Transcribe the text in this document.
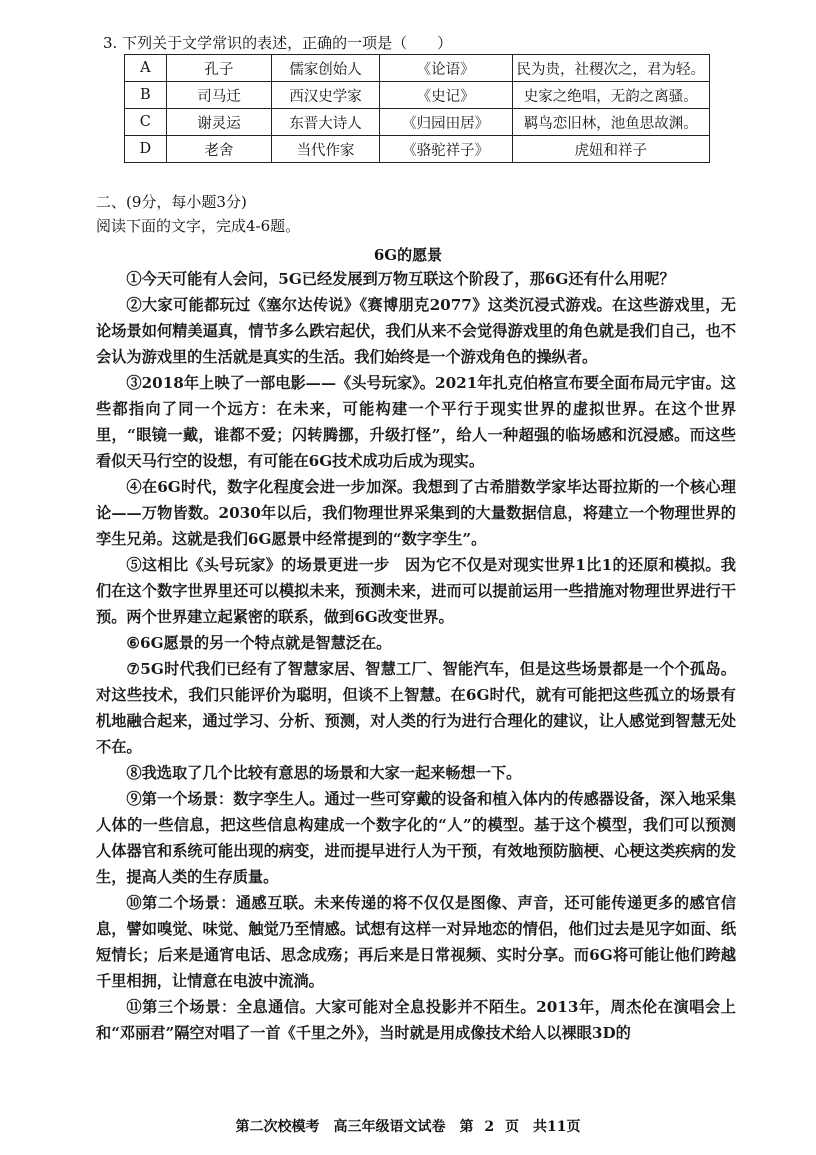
3. 下列关于文学常识的表述，正确的一项是（　　）
A	孔子	儒家创始人	《论语》	民为贵，社稷次之，君为轻。
B	司马迁	西汉史学家	《史记》	史家之绝唱，无韵之离骚。
C	谢灵运	东晋大诗人	《归园田居》	羁鸟恋旧林，池鱼思故渊。
D	老舍	当代作家	《骆驼祥子》	虎妞和祥子
二、(9分，每小题3分)
阅读下面的文字，完成4-6题。
6G的愿景

①今天可能有人会问，5G已经发展到万物互联这个阶段了，那6G还有什么用呢？

②大家可能都玩过《塞尔达传说》《赛博朋克2077》这类沉浸式游戏。在这些游戏里，无论场景如何精美逼真，情节多么跌宕起伏，我们从来不会觉得游戏里的角色就是我们自己，也不会认为游戏里的生活就是真实的生活。我们始终是一个游戏角色的操纵者。

③2018年上映了一部电影——《头号玩家》。2021年扎克伯格宣布要全面布局元宇宙。这些都指向了同一个远方：在未来，可能构建一个平行于现实世界的虚拟世界。在这个世界里，“眼镜一戴，谁都不爱；闪转腾挪，升级打怪”，给人一种超强的临场感和沉浸感。而这些看似天马行空的设想，有可能在6G技术成功后成为现实。

④在6G时代，数字化程度会进一步加深。我想到了古希腊数学家毕达哥拉斯的一个核心理论——万物皆数。2030年以后，我们物理世界采集到的大量数据信息，将建立一个物理世界的孪生兄弟。这就是我们6G愿景中经常提到的“数字孪生”。

⑤这相比《头号玩家》的场景更进一步　因为它不仅是对现实世界1比1的还原和模拟。我们在这个数字世界里还可以模拟未来，预测未来，进而可以提前运用一些措施对物理世界进行干预。两个世界建立起紧密的联系，做到6G改变世界。

⑥6G愿景的另一个特点就是智慧泛在。

⑦5G时代我们已经有了智慧家居、智慧工厂、智能汽车，但是这些场景都是一个个孤岛。对这些技术，我们只能评价为聪明，但谈不上智慧。在6G时代，就有可能把这些孤立的场景有机地融合起来，通过学习、分析、预测，对人类的行为进行合理化的建议，让人感觉到智慧无处不在。

⑧我选取了几个比较有意思的场景和大家一起来畅想一下。

⑨第一个场景：数字孪生人。通过一些可穿戴的设备和植入体内的传感器设备，深入地采集人体的一些信息，把这些信息构建成一个数字化的“人”的模型。基于这个模型，我们可以预测人体器官和系统可能出现的病变，进而提早进行人为干预，有效地预防脑梗、心梗这类疾病的发生，提高人类的生存质量。

⑩第二个场景：通感互联。未来传递的将不仅仅是图像、声音，还可能传递更多的感官信息，譬如嗅觉、味觉、触觉乃至情感。试想有这样一对异地恋的情侣，他们过去是见字如面、纸短情长；后来是通宵电话、思念成殇；再后来是日常视频、实时分享。而6G将可能让他们跨越千里相拥，让情意在电波中流淌。

⑪第三个场景：全息通信。大家可能对全息投影并不陌生。2013年，周杰伦在演唱会上和“邓丽君”隔空对唱了一首《千里之外》，当时就是用成像技术给人以裸眼3D的

第二次校模考　高三年级语文试卷　第 2 页　共11页
